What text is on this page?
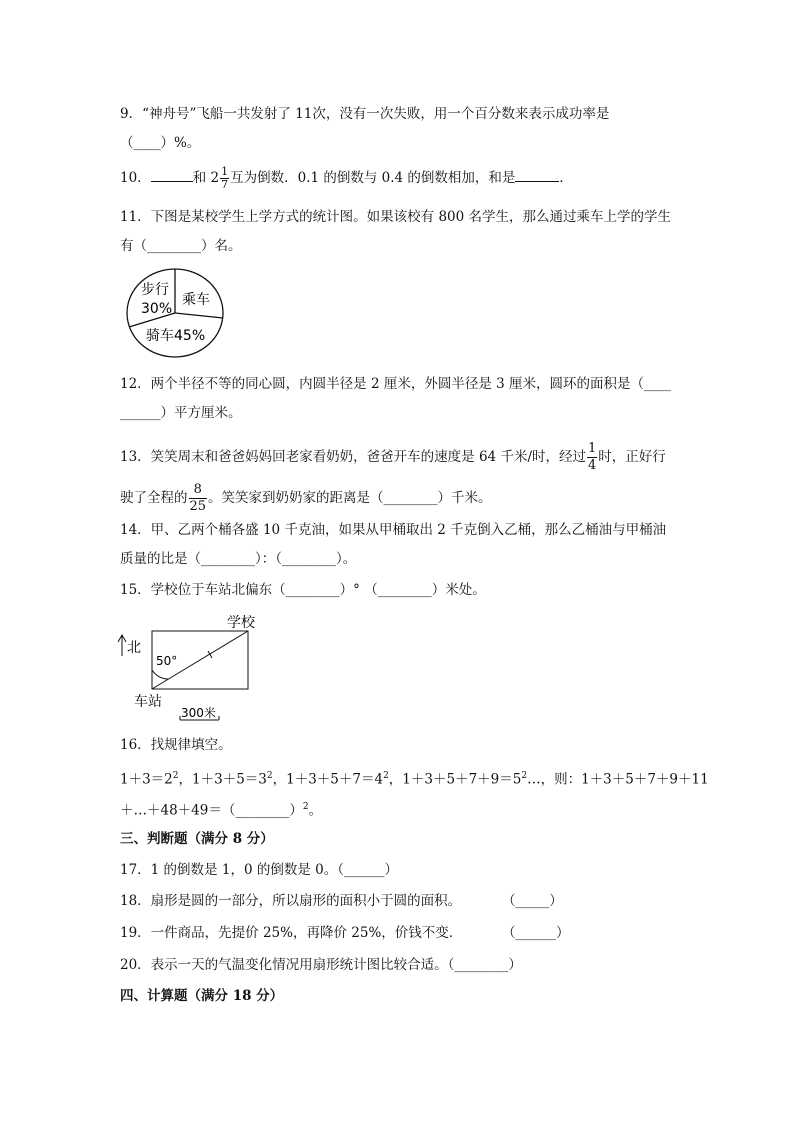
9．“神舟号”飞船一共发射了 11次，没有一次失败，用一个百分数来表示成功率是
（____）%。
10．	和 $2 \frac{1}{7}$ 互为倒数．0.1 的倒数与 0.4 的倒数相加，和是	．
11．下图是某校学生上学方式的统计图。如果该校有 800 名学生，那么通过乘车上学的学生
有（________）名。
步行
30%
乘车
骑车45%
12．两个半径不等的同心圆，内圆半径是 2 厘米，外圆半径是 3 厘米，圆环的面积是（____
______）平方厘米。
13．笑笑周末和爸爸妈妈回老家看奶奶，爸爸开车的速度是 64 千米/时，经过 $\frac{1}{4}$ 时，正好行
驶了全程的 $\frac{8}{25}$ 。笑笑家到奶奶家的距离是（________）千米。
14．甲、乙两个桶各盛 10 千克油，如果从甲桶取出 2 千克倒入乙桶，那么乙桶油与甲桶油
质量的比是（________）：（________）。
15．学校位于车站北偏东（________）° （________）米处。
北
学校
50°
车站
300米
16．找规律填空。
$1+3=2^2$，$1+3+5=3^2$，$1+3+5+7=4^2$，$1+3+5+7+9=5^2\dots$，则：1＋3＋5＋7＋9＋11
＋…＋48＋49＝（________）$^2$。
三、判断题（满分 8 分）
17．1 的倒数是 1，0 的倒数是 0。（______）
18．扇形是圆的一部分，所以扇形的面积小于圆的面积。	（_____）
19．一件商品，先提价 25%，再降价 25%，价钱不变．	（______）
20．表示一天的气温变化情况用扇形统计图比较合适。（________）
四、计算题（满分 18 分）
